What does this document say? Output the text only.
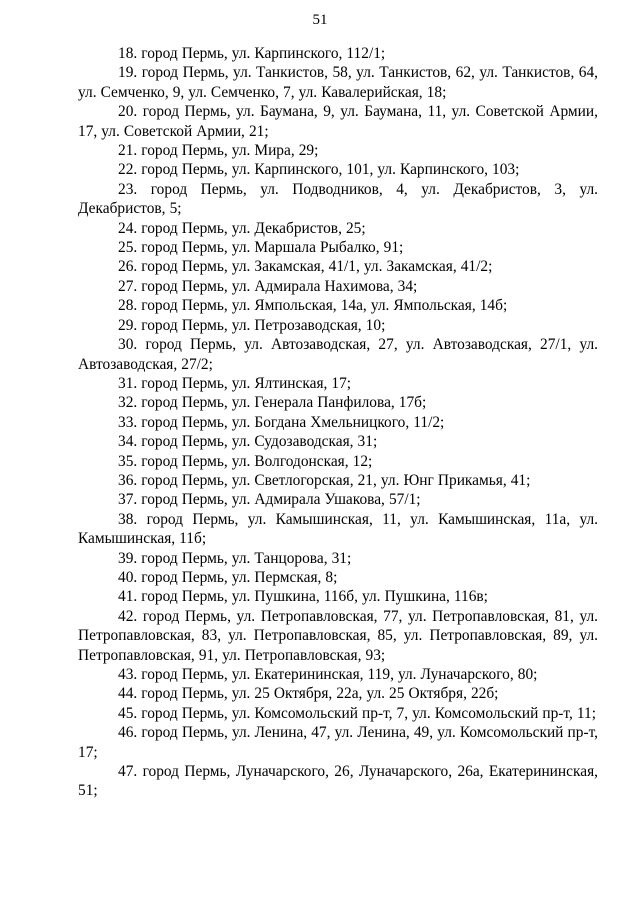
51

18. город Пермь, ул. Карпинского, 112/1;

19. город Пермь, ул. Танкистов, 58, ул. Танкистов, 62, ул. Танкистов, 64, ул. Семченко, 9, ул. Семченко, 7, ул. Кавалерийская, 18;

20. город Пермь, ул. Баумана, 9, ул. Баумана, 11, ул. Советской Армии, 17, ул. Советской Армии, 21;

21. город Пермь, ул. Мира, 29;

22. город Пермь, ул. Карпинского, 101, ул. Карпинского, 103;

23. город Пермь, ул. Подводников, 4, ул. Декабристов, 3, ул. Декабристов, 5;

24. город Пермь, ул. Декабристов, 25;

25. город Пермь, ул. Маршала Рыбалко, 91;

26. город Пермь, ул. Закамская, 41/1, ул. Закамская, 41/2;

27. город Пермь, ул. Адмирала Нахимова, 34;

28. город Пермь, ул. Ямпольская, 14а, ул. Ямпольская, 14б;

29. город Пермь, ул. Петрозаводская, 10;

30. город Пермь, ул. Автозаводская, 27, ул. Автозаводская, 27/1, ул. Автозаводская, 27/2;

31. город Пермь, ул. Ялтинская, 17;

32. город Пермь, ул. Генерала Панфилова, 17б;

33. город Пермь, ул. Богдана Хмельницкого, 11/2;

34. город Пермь, ул. Судозаводская, 31;

35. город Пермь, ул. Волгодонская, 12;

36. город Пермь, ул. Светлогорская, 21, ул. Юнг Прикамья, 41;

37. город Пермь, ул. Адмирала Ушакова, 57/1;

38. город Пермь, ул. Камышинская, 11, ул. Камышинская, 11а, ул. Камышинская, 11б;

39. город Пермь, ул. Танцорова, 31;

40. город Пермь, ул. Пермская, 8;

41. город Пермь, ул. Пушкина, 116б, ул. Пушкина, 116в;

42. город Пермь, ул. Петропавловская, 77, ул. Петропавловская, 81, ул. Петропавловская, 83, ул. Петропавловская, 85, ул. Петропавловская, 89, ул. Петропавловская, 91, ул. Петропавловская, 93;

43. город Пермь, ул. Екатерининская, 119, ул. Луначарского, 80;

44. город Пермь, ул. 25 Октября, 22а, ул. 25 Октября, 22б;

45. город Пермь, ул. Комсомольский пр-т, 7, ул. Комсомольский пр-т, 11;

46. город Пермь, ул. Ленина, 47, ул. Ленина, 49, ул. Комсомольский пр-т, 17;

47. город Пермь, Луначарского, 26, Луначарского, 26а, Екатерининская, 51;
